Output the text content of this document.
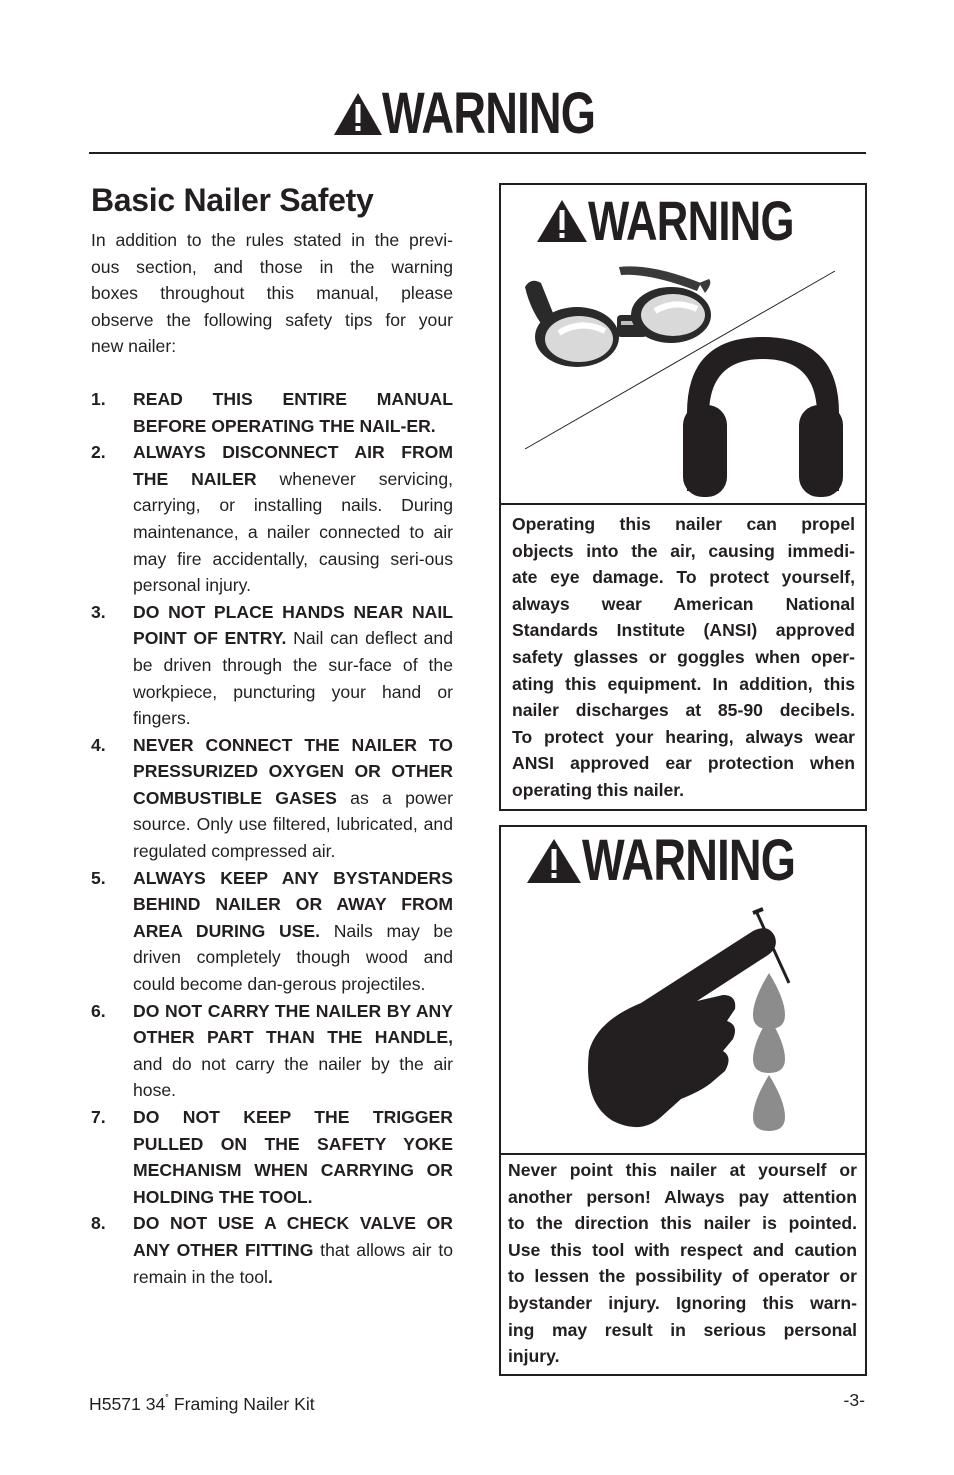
WARNING
Basic Nailer Safety
In addition to the rules stated in the previ-
ous section, and those in the warning
boxes throughout this manual, please
observe the following safety tips for your
new nailer:
1.	READ THIS ENTIRE MANUAL BEFORE OPERATING THE NAIL-ER.
2.	ALWAYS DISCONNECT AIR FROM THE NAILER whenever servicing, carrying, or installing nails. During maintenance, a nailer connected to air may fire accidentally, causing seri-ous personal injury.
3.	DO NOT PLACE HANDS NEAR NAIL POINT OF ENTRY. Nail can deflect and be driven through the sur-face of the workpiece, puncturing your hand or fingers.
4.	NEVER CONNECT THE NAILER TO PRESSURIZED OXYGEN OR OTHER COMBUSTIBLE GASES as a power source. Only use filtered, lubricated, and regulated compressed air.
5.	ALWAYS KEEP ANY BYSTANDERS BEHIND NAILER OR AWAY FROM AREA DURING USE. Nails may be driven completely though wood and could become dan-gerous projectiles.
6.	DO NOT CARRY THE NAILER BY ANY OTHER PART THAN THE HANDLE, and do not carry the nailer by the air hose.
7.	DO NOT KEEP THE TRIGGER PULLED ON THE SAFETY YOKE MECHANISM WHEN CARRYING OR HOLDING THE TOOL.
8.	DO NOT USE A CHECK VALVE OR ANY OTHER FITTING that allows air to remain in the tool.
WARNING
Operating this nailer can propel
objects into the air, causing immedi-
ate eye damage. To protect yourself,
always wear American National
Standards Institute (ANSI) approved
safety glasses or goggles when oper-
ating this equipment. In addition, this
nailer discharges at 85-90 decibels.
To protect your hearing, always wear
ANSI approved ear protection when
operating this nailer.
WARNING
Never point this nailer at yourself or
another person! Always pay attention
to the direction this nailer is pointed.
Use this tool with respect and caution
to lessen the possibility of operator or
bystander injury. Ignoring this warn-
ing may result in serious personal
injury.
H5571 34˚ Framing Nailer Kit	-3-
